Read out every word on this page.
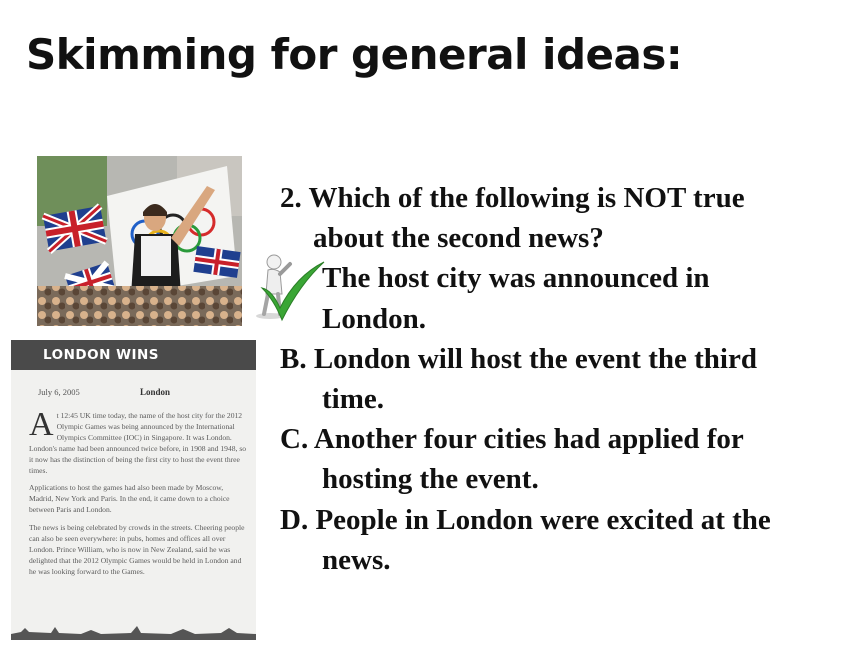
Skimming for general ideas:
LONDON WINS
July 6, 2005	London

At 12:45 UK time today, the name of the host city for the 2012 Olympic Games was being announced by the International Olympics Committee (IOC) in Singapore. It was London. London's name had been announced twice before, in 1908 and 1948, so it now has the distinction of being the first city to host the event three times.

Applications to host the games had also been made by Moscow, Madrid, New York and Paris. In the end, it came down to a choice between Paris and London.

The news is being celebrated by crowds in the streets. Cheering people can also be seen everywhere: in pubs, homes and offices all over London. Prince William, who is now in New Zealand, said he was delighted that the 2012 Olympic Games would be held in London and he was looking forward to the Games.

2. Which of the following is NOT true
about the second news?
The host city was announced in
London.
B. London will host the event the third
time.
C. Another four cities had applied for
hosting the event.
D. People in London were excited at the
news.
